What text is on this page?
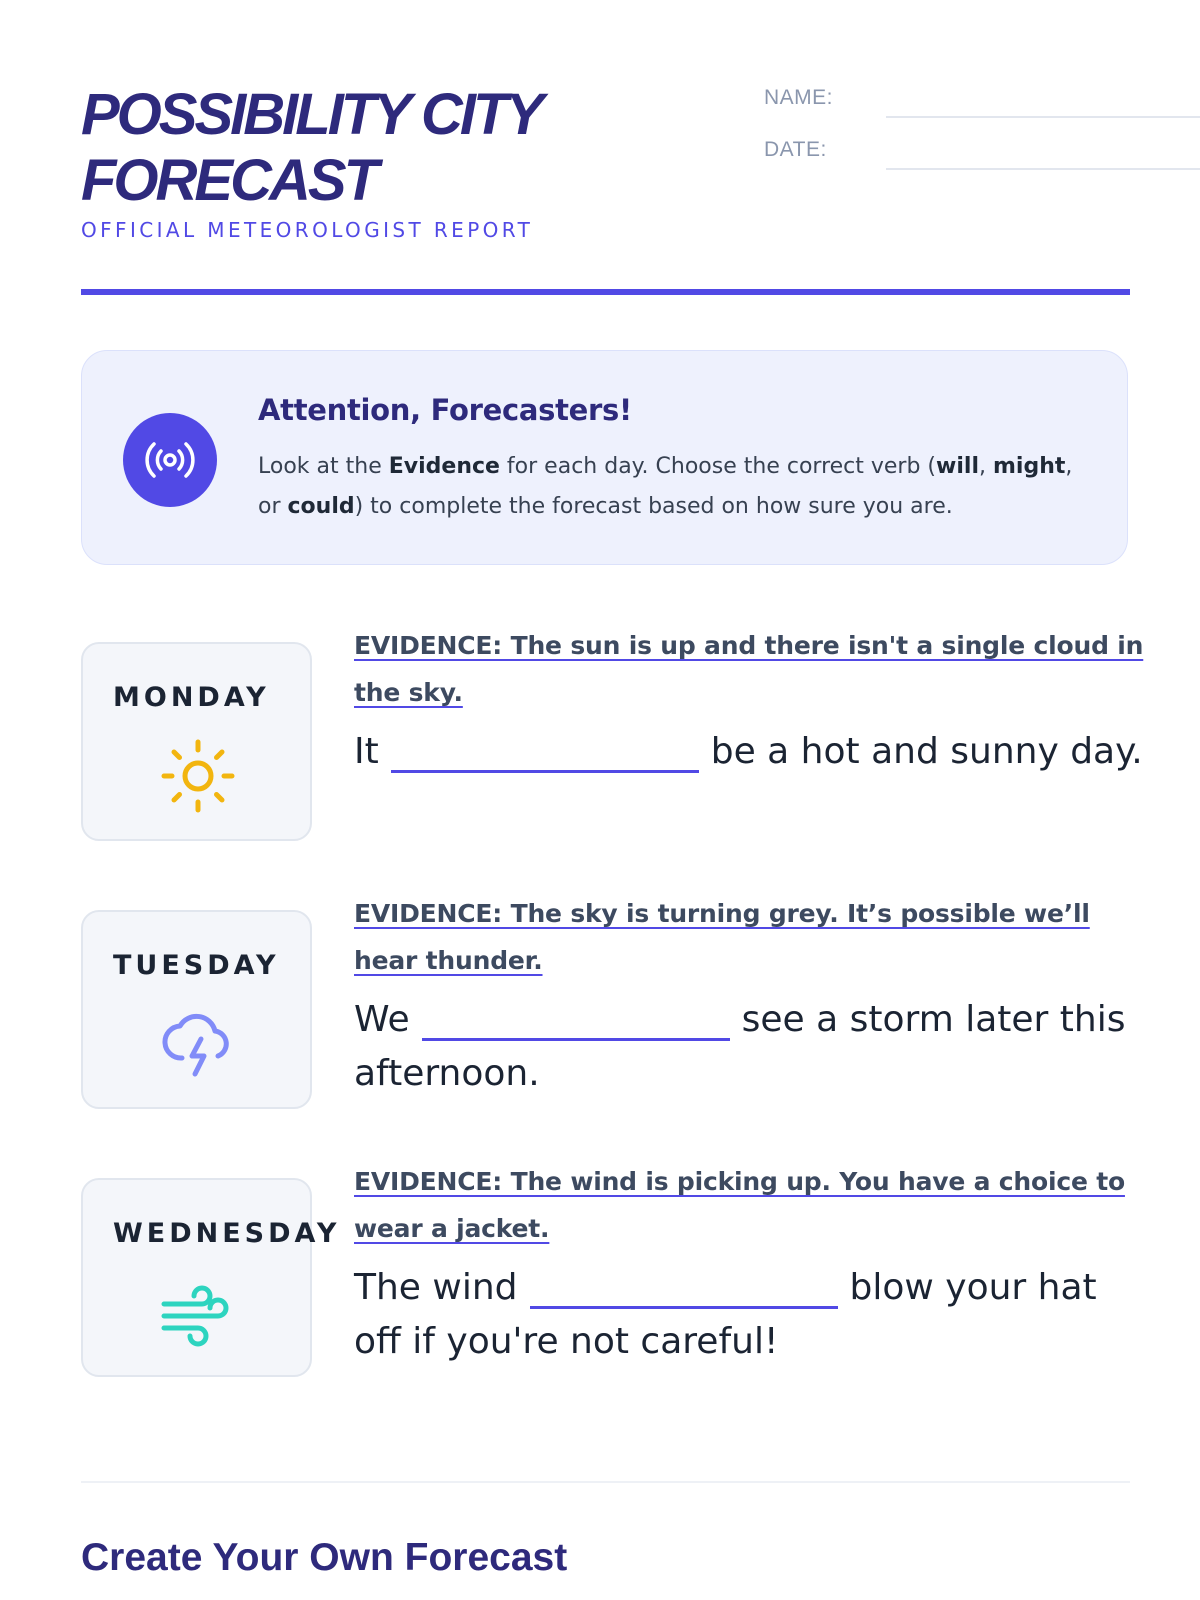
POSSIBILITY CITY
FORECAST
OFFICIAL METEOROLOGIST REPORT
NAME:
DATE:
Attention, Forecasters!
Look at the Evidence for each day. Choose the correct verb (will, might, or could) to complete the forecast based on how sure you are.
MONDAY
EVIDENCE: The sun is up and there isn't a single cloud in the sky.
It	be a hot and sunny day.
TUESDAY
EVIDENCE: The sky is turning grey. It’s possible we’ll hear thunder.
We	see a storm later this afternoon.
WEDNESDAY
EVIDENCE: The wind is picking up. You have a choice to wear a jacket.
The wind	blow your hat off if you're not careful!
Create Your Own Forecast
